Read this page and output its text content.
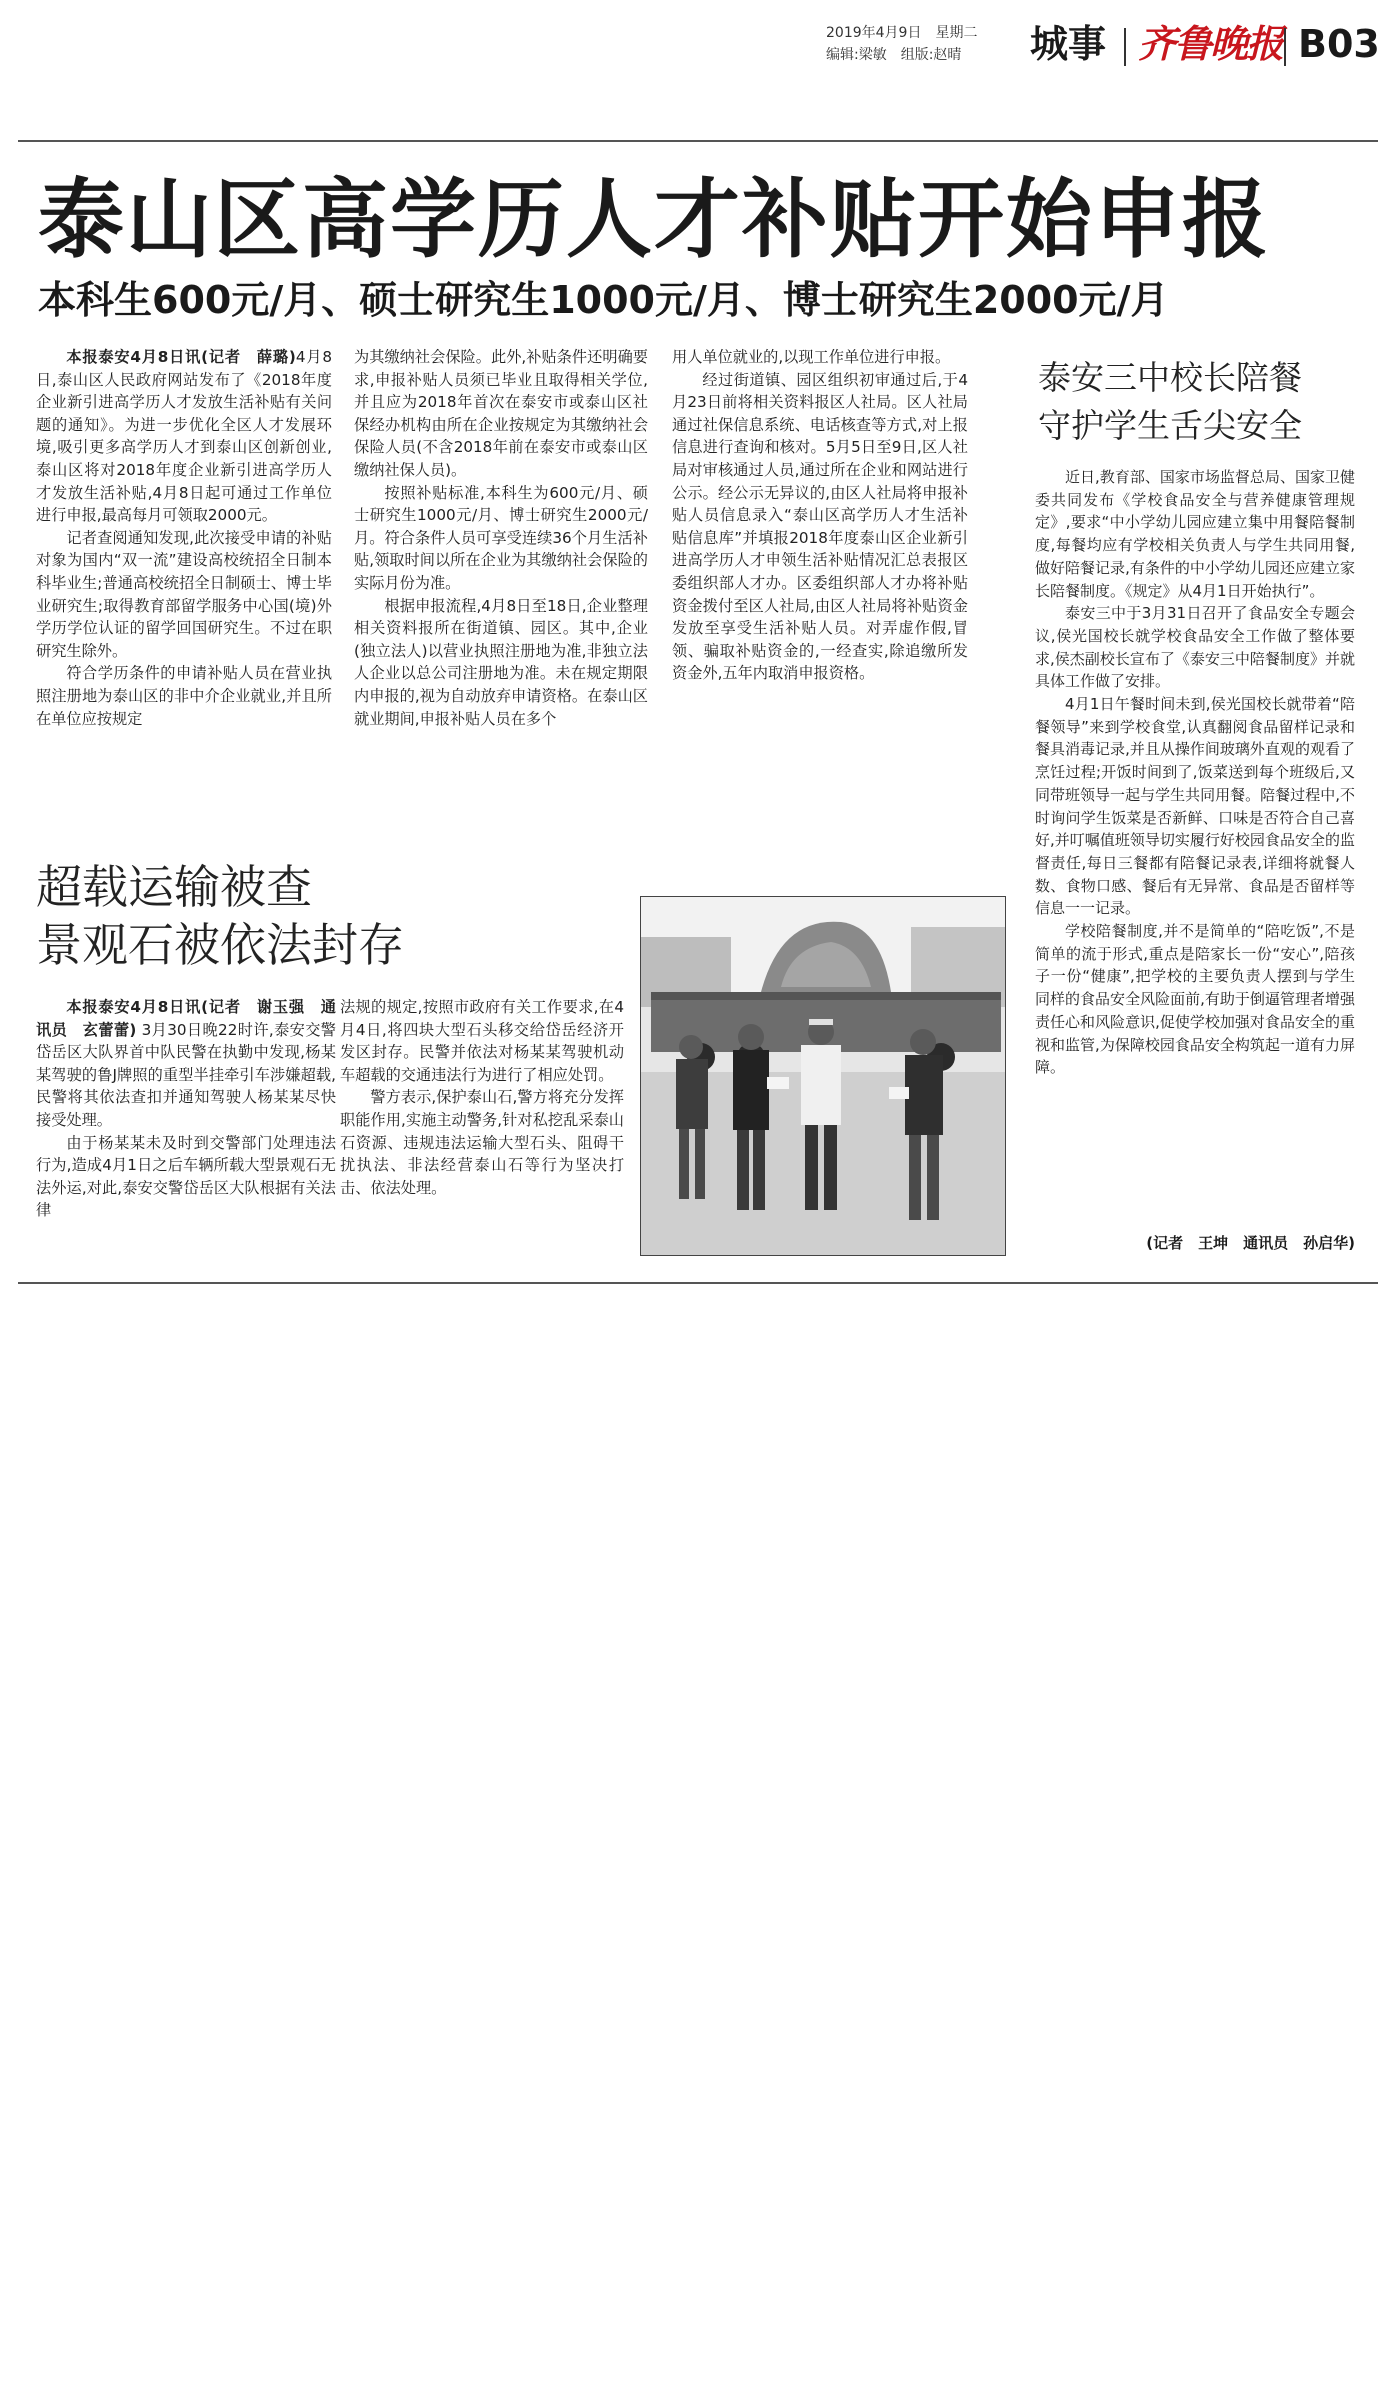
2019年4月9日　星期二
编辑:梁敏　组版:赵晴 城事 齐鲁晚报 B03
泰山区高学历人才补贴开始申报
本科生600元/月、硕士研究生1000元/月、博士研究生2000元/月

本报泰安4月8日讯(记者　薛璐)4月8日,泰山区人民政府网站发布了《2018年度企业新引进高学历人才发放生活补贴有关问题的通知》。为进一步优化全区人才发展环境,吸引更多高学历人才到泰山区创新创业,泰山区将对2018年度企业新引进高学历人才发放生活补贴,4月8日起可通过工作单位进行申报,最高每月可领取2000元。

记者查阅通知发现,此次接受申请的补贴对象为国内“双一流”建设高校统招全日制本科毕业生;普通高校统招全日制硕士、博士毕业研究生;取得教育部留学服务中心国(境)外学历学位认证的留学回国研究生。不过在职研究生除外。

符合学历条件的申请补贴人员在营业执照注册地为泰山区的非中介企业就业,并且所在单位应按规定

为其缴纳社会保险。此外,补贴条件还明确要求,申报补贴人员须已毕业且取得相关学位,并且应为2018年首次在泰安市或泰山区社保经办机构由所在企业按规定为其缴纳社会保险人员(不含2018年前在泰安市或泰山区缴纳社保人员)。

按照补贴标准,本科生为600元/月、硕士研究生1000元/月、博士研究生2000元/月。符合条件人员可享受连续36个月生活补贴,领取时间以所在企业为其缴纳社会保险的实际月份为准。

根据申报流程,4月8日至18日,企业整理相关资料报所在街道镇、园区。其中,企业(独立法人)以营业执照注册地为准,非独立法人企业以总公司注册地为准。未在规定期限内申报的,视为自动放弃申请资格。在泰山区就业期间,申报补贴人员在多个

用人单位就业的,以现工作单位进行申报。

经过街道镇、园区组织初审通过后,于4月23日前将相关资料报区人社局。区人社局通过社保信息系统、电话核查等方式,对上报信息进行查询和核对。5月5日至9日,区人社局对审核通过人员,通过所在企业和网站进行公示。经公示无异议的,由区人社局将申报补贴人员信息录入“泰山区高学历人才生活补贴信息库”并填报2018年度泰山区企业新引进高学历人才申领生活补贴情况汇总表报区委组织部人才办。区委组织部人才办将补贴资金拨付至区人社局,由区人社局将补贴资金发放至享受生活补贴人员。对弄虚作假,冒领、骗取补贴资金的,一经查实,除追缴所发资金外,五年内取消申报资格。

泰安三中校长陪餐
守护学生舌尖安全

近日,教育部、国家市场监督总局、国家卫健委共同发布《学校食品安全与营养健康管理规定》,要求“中小学幼儿园应建立集中用餐陪餐制度,每餐均应有学校相关负责人与学生共同用餐,做好陪餐记录,有条件的中小学幼儿园还应建立家长陪餐制度。《规定》从4月1日开始执行”。

泰安三中于3月31日召开了食品安全专题会议,侯光国校长就学校食品安全工作做了整体要求,侯杰副校长宣布了《泰安三中陪餐制度》并就具体工作做了安排。

4月1日午餐时间未到,侯光国校长就带着“陪餐领导”来到学校食堂,认真翻阅食品留样记录和餐具消毒记录,并且从操作间玻璃外直观的观看了烹饪过程;开饭时间到了,饭菜送到每个班级后,又同带班领导一起与学生共同用餐。陪餐过程中,不时询问学生饭菜是否新鲜、口味是否符合自己喜好,并叮嘱值班领导切实履行好校园食品安全的监督责任,每日三餐都有陪餐记录表,详细将就餐人数、食物口感、餐后有无异常、食品是否留样等信息一一记录。

学校陪餐制度,并不是简单的“陪吃饭”,不是简单的流于形式,重点是陪家长一份“安心”,陪孩子一份“健康”,把学校的主要负责人摆到与学生同样的食品安全风险面前,有助于倒逼管理者增强责任心和风险意识,促使学校加强对食品安全的重视和监管,为保障校园食品安全构筑起一道有力屏障。

(记者　王坤　通讯员　孙启华)
超载运输被查
景观石被依法封存

本报泰安4月8日讯(记者　谢玉强　通讯员　玄蕾蕾) 3月30日晚22时许,泰安交警岱岳区大队界首中队民警在执勤中发现,杨某某驾驶的鲁J牌照的重型半挂牵引车涉嫌超载,民警将其依法查扣并通知驾驶人杨某某尽快接受处理。

由于杨某某未及时到交警部门处理违法行为,造成4月1日之后车辆所载大型景观石无法外运,对此,泰安交警岱岳区大队根据有关法律

法规的规定,按照市政府有关工作要求,在4月4日,将四块大型石头移交给岱岳经济开发区封存。民警并依法对杨某某驾驶机动车超载的交通违法行为进行了相应处罚。

警方表示,保护泰山石,警方将充分发挥职能作用,实施主动警务,针对私挖乱采泰山石资源、违规违法运输大型石头、阻碍干扰执法、非法经营泰山石等行为坚决打击、依法处理。
